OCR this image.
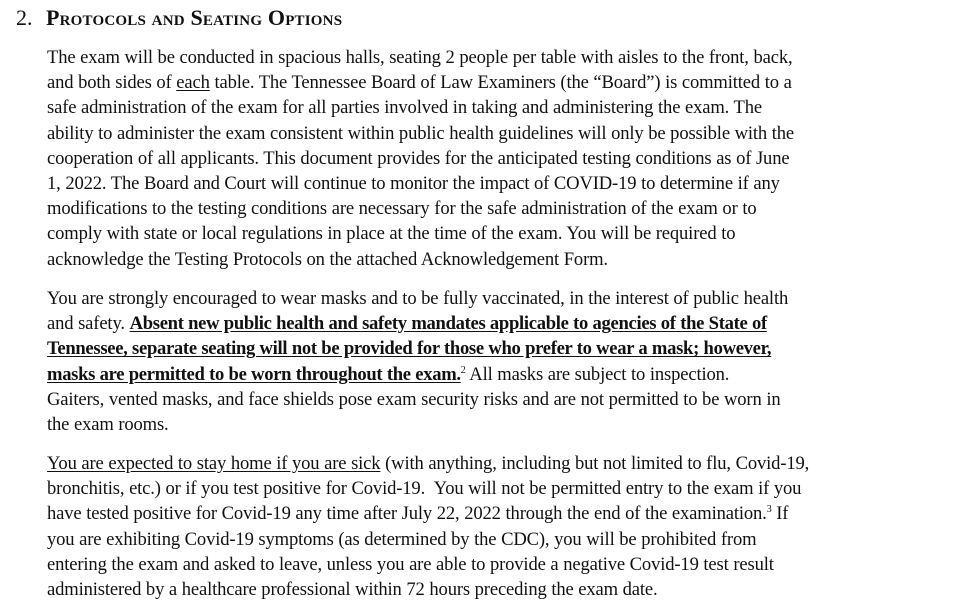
2. Protocols and Seating Options

The exam will be conducted in spacious halls, seating 2 people per table with aisles to the front, back,
and both sides of each table. The Tennessee Board of Law Examiners (the “Board”) is committed to a
safe administration of the exam for all parties involved in taking and administering the exam. The
ability to administer the exam consistent within public health guidelines will only be possible with the
cooperation of all applicants. This document provides for the anticipated testing conditions as of June
1, 2022. The Board and Court will continue to monitor the impact of COVID-19 to determine if any
modifications to the testing conditions are necessary for the safe administration of the exam or to
comply with state or local regulations in place at the time of the exam. You will be required to
acknowledge the Testing Protocols on the attached Acknowledgement Form.

You are strongly encouraged to wear masks and to be fully vaccinated, in the interest of public health
and safety. Absent new public health and safety mandates applicable to agencies of the State of
Tennessee, separate seating will not be provided for those who prefer to wear a mask; however,
masks are permitted to be worn throughout the exam.$^2$ All masks are subject to inspection.
Gaiters, vented masks, and face shields pose exam security risks and are not permitted to be worn in
the exam rooms.

You are expected to stay home if you are sick (with anything, including but not limited to flu, Covid-19,
bronchitis, etc.) or if you test positive for Covid-19.  You will not be permitted entry to the exam if you
have tested positive for Covid-19 any time after July 22, 2022 through the end of the examination.$^3$ If
you are exhibiting Covid-19 symptoms (as determined by the CDC), you will be prohibited from
entering the exam and asked to leave, unless you are able to provide a negative Covid-19 test result
administered by a healthcare professional within 72 hours preceding the exam date.
